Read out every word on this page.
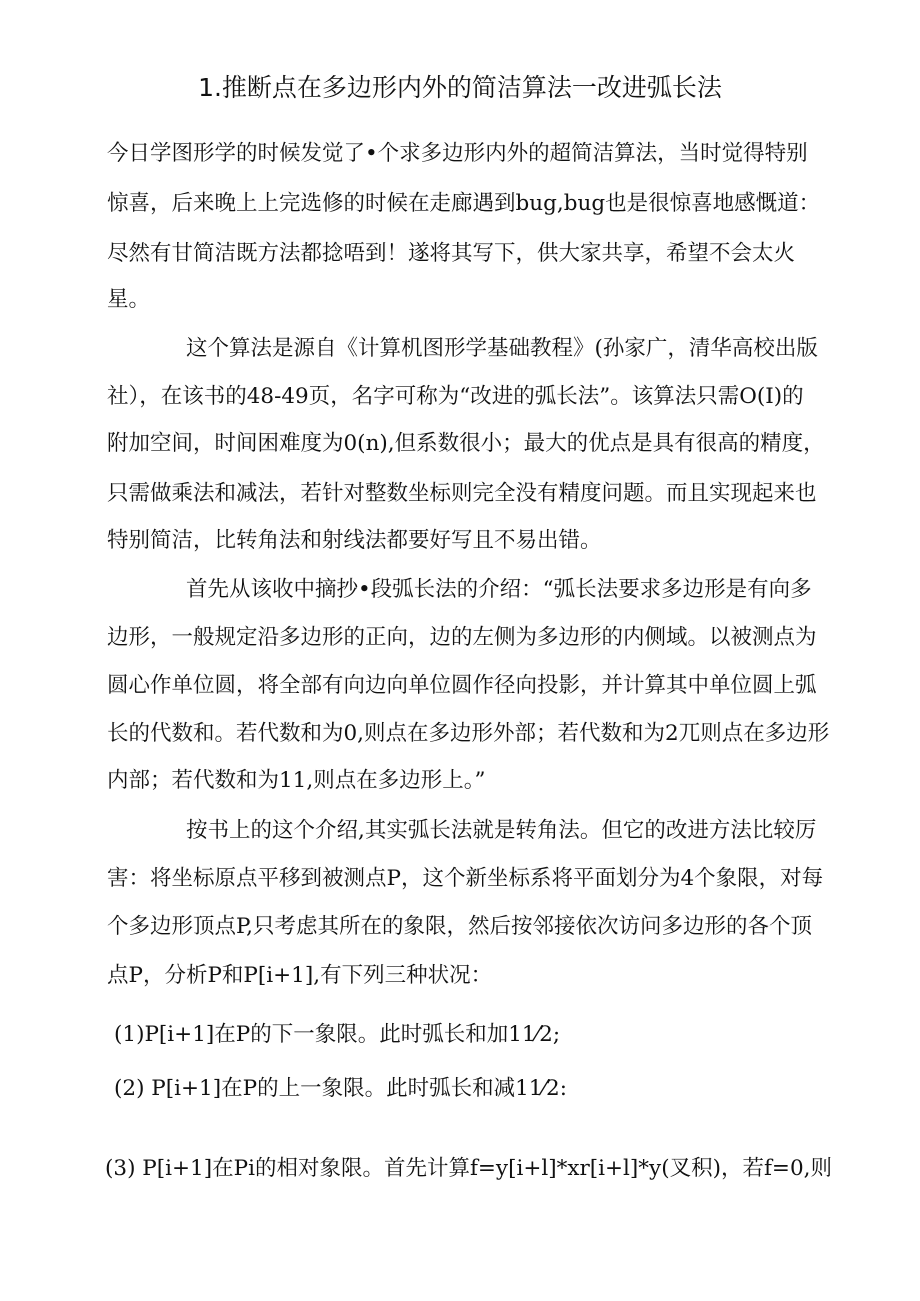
1.推断点在多边形内外的简洁算法一改进弧长法
今日学图形学的时候发觉了•个求多边形内外的超简洁算法，当时觉得特别
惊喜，后来晚上上完选修的时候在走廊遇到bug,bug也是很惊喜地感慨道：
尽然有甘简洁既方法都捻唔到！遂将其写下，供大家共享，希望不会太火
星。
这个算法是源自《计算机图形学基础教程》(孙家广，清华高校出版
社），在该书的48-49页，名字可称为“改进的弧长法”。该算法只需O(I)的
附加空间，时间困难度为0(n),但系数很小；最大的优点是具有很高的精度，
只需做乘法和减法，若针对整数坐标则完全没有精度问题。而且实现起来也
特别简洁，比转角法和射线法都要好写且不易出错。
首先从该收中摘抄•段弧长法的介绍：“弧长法要求多边形是有向多
边形，一般规定沿多边形的正向，边的左侧为多边形的内侧域。以被测点为
圆心作单位圆，将全部有向边向单位圆作径向投影，并计算其中单位圆上弧
长的代数和。若代数和为0,则点在多边形外部；若代数和为2兀则点在多边形
内部；若代数和为11,则点在多边形上。”
按书上的这个介绍,其实弧长法就是转角法。但它的改进方法比较厉
害：将坐标原点平移到被测点P，这个新坐标系将平面划分为4个象限，对每
个多边形顶点P,只考虑其所在的象限，然后按邻接依次访问多边形的各个顶
点P，分析P和P[i+1],有下列三种状况：
(1)P[i+1]在P的下一象限。此时弧长和加11⁄2;
(2) P[i+1]在P的上一象限。此时弧长和减11⁄2:
(3) P[i+1]在Pi的相对象限。首先计算f=y[i+l]*xr[i+l]*y(叉积)，若f=0,则
